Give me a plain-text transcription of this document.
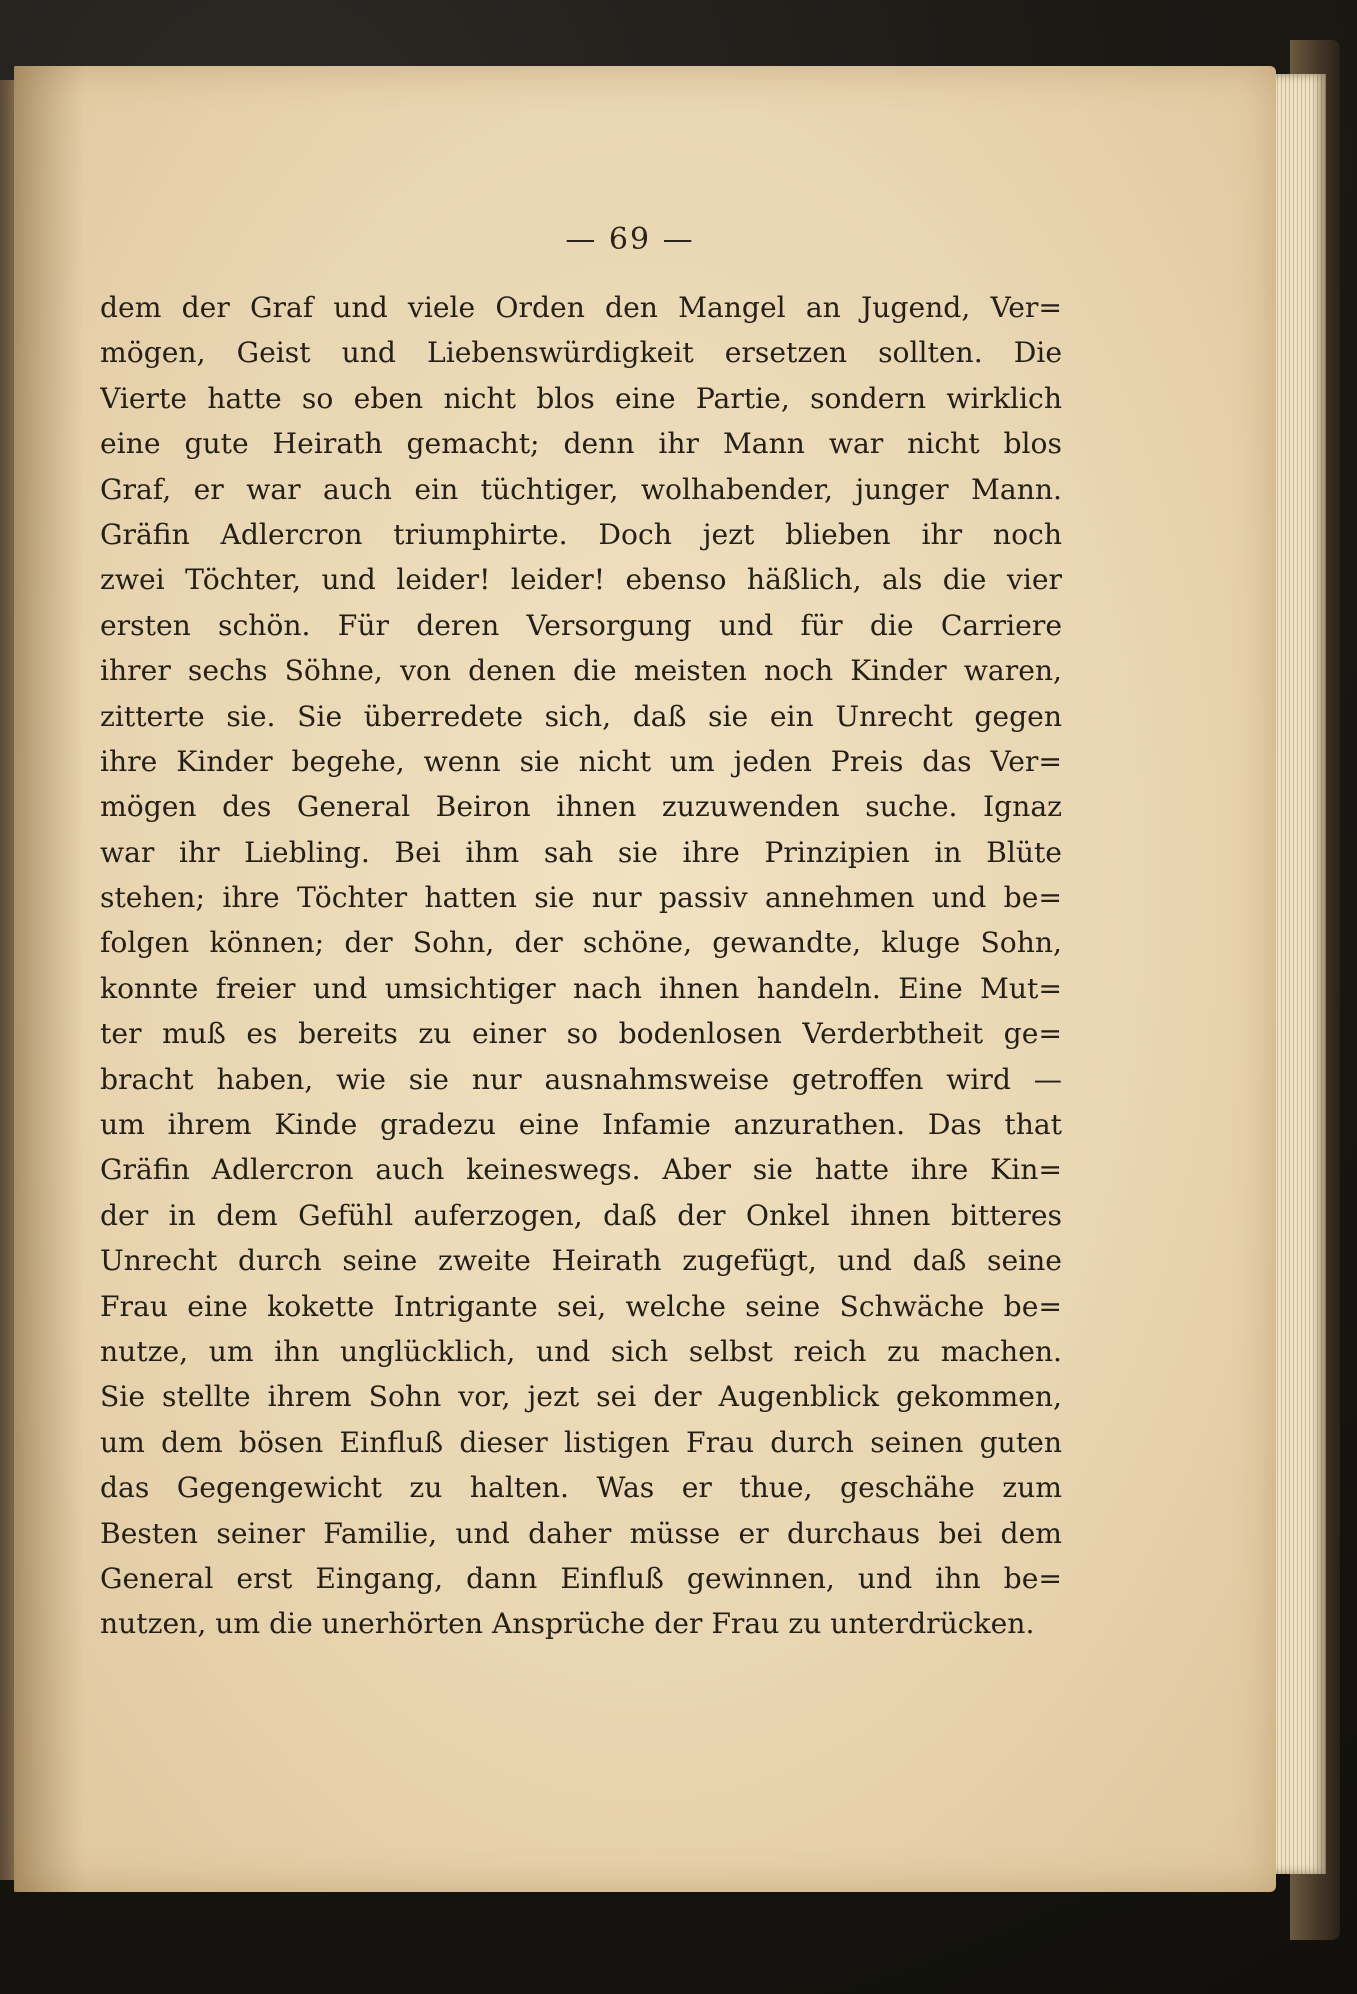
— 69 —
dem der Graf und viele Orden den Mangel an Jugend, Ver=
mögen, Geist und Liebenswürdigkeit ersetzen sollten. Die
Vierte hatte so eben nicht blos eine Partie, sondern wirklich
eine gute Heirath gemacht; denn ihr Mann war nicht blos
Graf, er war auch ein tüchtiger, wolhabender, junger Mann.
Gräfin Adlercron triumphirte. Doch jezt blieben ihr noch
zwei Töchter, und leider! leider! ebenso häßlich, als die vier
ersten schön. Für deren Versorgung und für die Carriere
ihrer sechs Söhne, von denen die meisten noch Kinder waren,
zitterte sie. Sie überredete sich, daß sie ein Unrecht gegen
ihre Kinder begehe, wenn sie nicht um jeden Preis das Ver=
mögen des General Beiron ihnen zuzuwenden suche. Ignaz
war ihr Liebling. Bei ihm sah sie ihre Prinzipien in Blüte
stehen; ihre Töchter hatten sie nur passiv annehmen und be=
folgen können; der Sohn, der schöne, gewandte, kluge Sohn,
konnte freier und umsichtiger nach ihnen handeln. Eine Mut=
ter muß es bereits zu einer so bodenlosen Verderbtheit ge=
bracht haben, wie sie nur ausnahmsweise getroffen wird —
um ihrem Kinde gradezu eine Infamie anzurathen. Das that
Gräfin Adlercron auch keineswegs. Aber sie hatte ihre Kin=
der in dem Gefühl auferzogen, daß der Onkel ihnen bitteres
Unrecht durch seine zweite Heirath zugefügt, und daß seine
Frau eine kokette Intrigante sei, welche seine Schwäche be=
nutze, um ihn unglücklich, und sich selbst reich zu machen.
Sie stellte ihrem Sohn vor, jezt sei der Augenblick gekommen,
um dem bösen Einfluß dieser listigen Frau durch seinen guten
das Gegengewicht zu halten. Was er thue, geschähe zum
Besten seiner Familie, und daher müsse er durchaus bei dem
General erst Eingang, dann Einfluß gewinnen, und ihn be=
nutzen, um die unerhörten Ansprüche der Frau zu unterdrücken.
